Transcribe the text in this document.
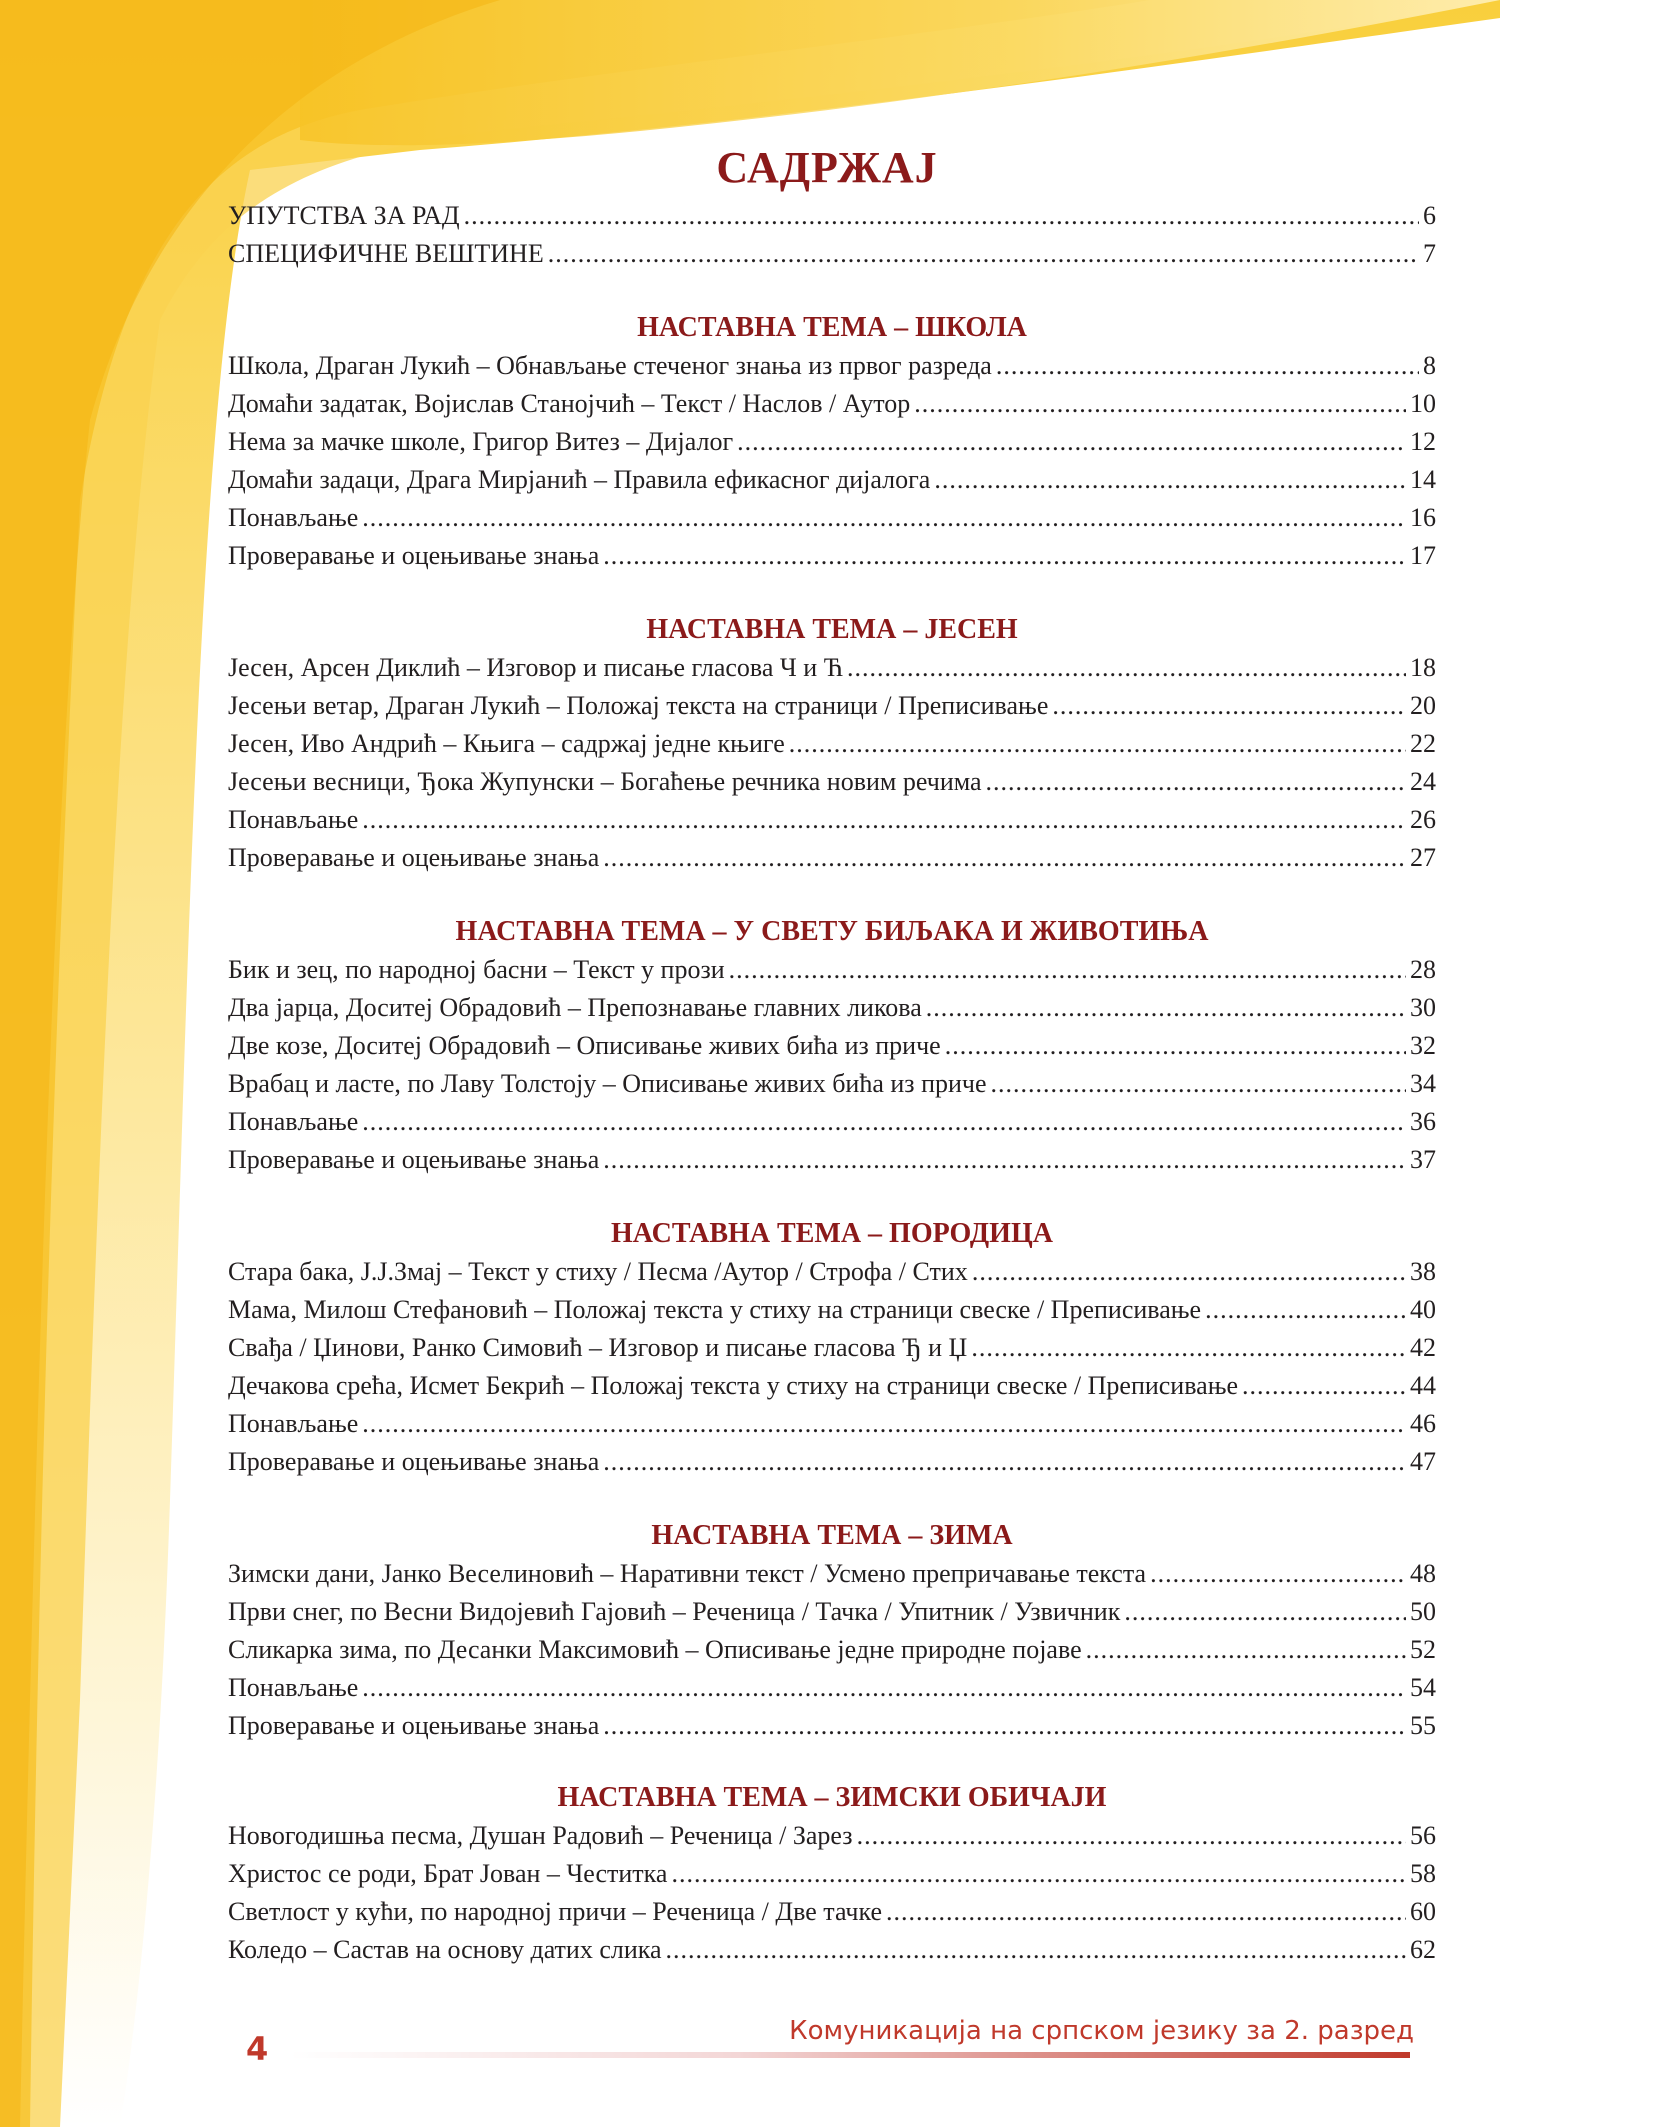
САДРЖАЈ
УПУТСТВА ЗА РАД .....	6
СПЕЦИФИЧНЕ ВЕШТИНЕ .....	7
НАСТАВНА ТЕМА – ШКОЛА
Школа, Драган Лукић – Обнављање стеченог знања из првог разреда .....	8
Домаћи задатак, Војислав Станојчић – Текст / Наслов / Аутор .....	10
Нема за мачке школе, Григор Витез – Дијалог .....	12
Домаћи задаци, Драга Мирјанић – Правила ефикасног дијалога .....	14
Понављање .....	16
Проверавање и оцењивање знања .....	17
НАСТАВНА ТЕМА – ЈЕСЕН
Јесен, Арсен Диклић – Изговор и писање гласова Ч и Ћ .....	18
Јесењи ветар, Драган Лукић – Положај текста на страници / Преписивање .....	20
Јесен, Иво Андрић – Књига – садржај једне књиге .....	22
Јесењи весници, Ђока Жупунски – Богаћење речника новим речима .....	24
Понављање .....	26
Проверавање и оцењивање знања .....	27
НАСТАВНА ТЕМА – У СВЕТУ БИЉАКА И ЖИВОТИЊА
Бик и зец, по народној басни – Текст у прози .....	28
Два јарца, Доситеј Обрадовић – Препознавање главних ликова .....	30
Две козе, Доситеј Обрадовић – Описивање живих бића из приче .....	32
Врабац и ласте, по Лаву Толстоју – Описивање живих бића из приче .....	34
Понављање .....	36
Проверавање и оцењивање знања .....	37
НАСТАВНА ТЕМА – ПОРОДИЦА
Стара бака, Ј.Ј.Змај – Текст у стиху / Песма /Аутор / Строфа / Стих .....	38
Мама, Милош Стефановић – Положај текста у стиху на страници свеске / Преписивање .....	40
Свађа / Џинови, Ранко Симовић – Изговор и писање гласова Ђ и Џ .....	42
Дечакова срећа, Исмет Бекрић – Положај текста у стиху на страници свеске / Преписивање .....	44
Понављање .....	46
Проверавање и оцењивање знања .....	47
НАСТАВНА ТЕМА – ЗИМА
Зимски дани, Јанко Веселиновић – Наративни текст / Усмено препричавање текста .....	48
Први снег, по Весни Видојевић Гајовић – Реченица / Тачка / Упитник / Узвичник .....	50
Сликарка зима, по Десанки Максимовић – Описивање једне природне појаве .....	52
Понављање .....	54
Проверавање и оцењивање знања .....	55
НАСТАВНА ТЕМА – ЗИМСКИ ОБИЧАЈИ
Новогодишња песма, Душан Радовић – Реченица / Зарез .....	56
Христос се роди, Брат Јован – Честитка .....	58
Светлост у кући, по народној причи – Реченица / Две тачке .....	60
Коледо – Састав на основу датих слика .....	62
4	Комуникација на српском језику за 2. разред
